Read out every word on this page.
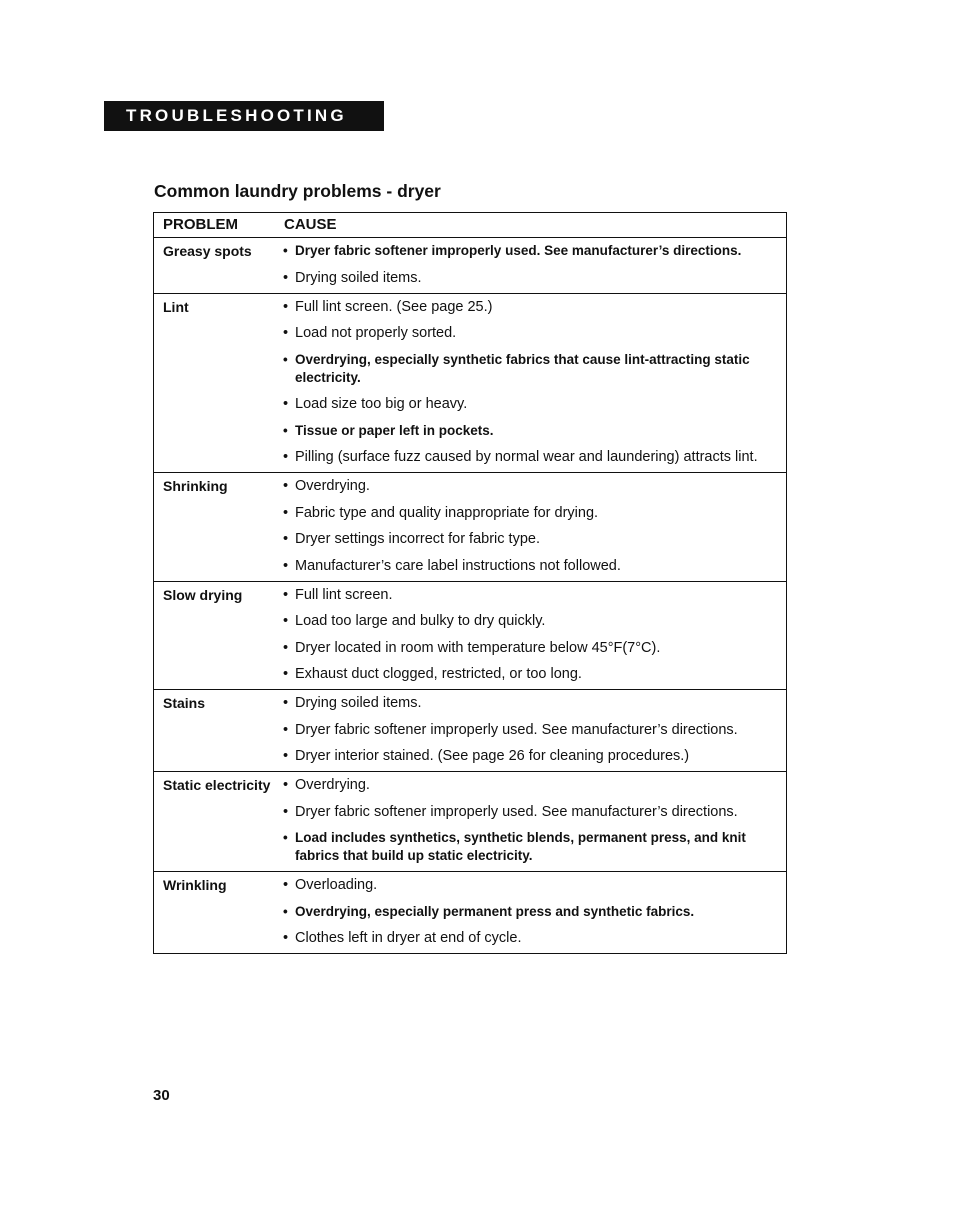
TROUBLESHOOTING
Common laundry problems - dryer
PROBLEM	CAUSE
Greasy spots	• Dryer fabric softener improperly used. See manufacturer’s directions.
• Drying soiled items.
Lint	• Full lint screen. (See page 25.)
• Load not properly sorted.
• Overdrying, especially synthetic fabrics that cause lint-attracting static electricity.
• Load size too big or heavy.
• Tissue or paper left in pockets.
• Pilling (surface fuzz caused by normal wear and laundering) attracts lint.
Shrinking	• Overdrying.
• Fabric type and quality inappropriate for drying.
• Dryer settings incorrect for fabric type.
• Manufacturer’s care label instructions not followed.
Slow drying	• Full lint screen.
• Load too large and bulky to dry quickly.
• Dryer located in room with temperature below 45°F(7°C).
• Exhaust duct clogged, restricted, or too long.
Stains	• Drying soiled items.
• Dryer fabric softener improperly used. See manufacturer’s directions.
• Dryer interior stained. (See page 26 for cleaning procedures.)
Static electricity • Overdrying.
• Dryer fabric softener improperly used. See manufacturer’s directions.
• Load includes synthetics, synthetic blends, permanent press, and knit fabrics that build up static electricity.
Wrinkling	• Overloading.
• Overdrying, especially permanent press and synthetic fabrics.
• Clothes left in dryer at end of cycle.
30
